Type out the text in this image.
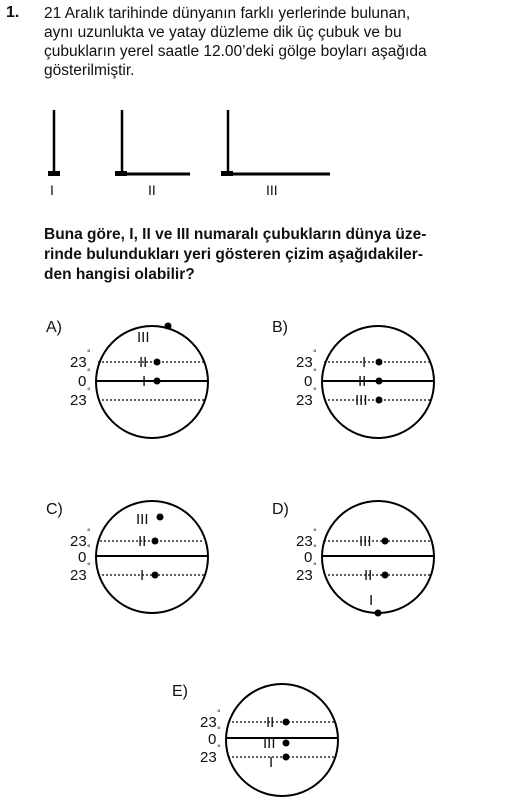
1. 21 Aralık tarihinde dünyanın farklı yerlerinde bulunan,
aynı uzunlukta ve yatay düzleme dik üç çubuk ve bu
çubukların yerel saatle 12.00’deki gölge boyları aşağıda
gösterilmiştir.
I	II	III
Buna göre, I, II ve III numaralı çubukların dünya üze-
rinde bulundukları yeri gösteren çizim aşağıdakiler-
den hangisi olabilir?
A)
23
°
0
°
23
°
III
II
I
B)
23
°
0
°
23
°
I
II
III
C)
23
°
0
°
23
°
III
II
I
D)
23
°
0
°
23
°
III
II
I
E)
23
°
0
°
23
°
II
III
I
